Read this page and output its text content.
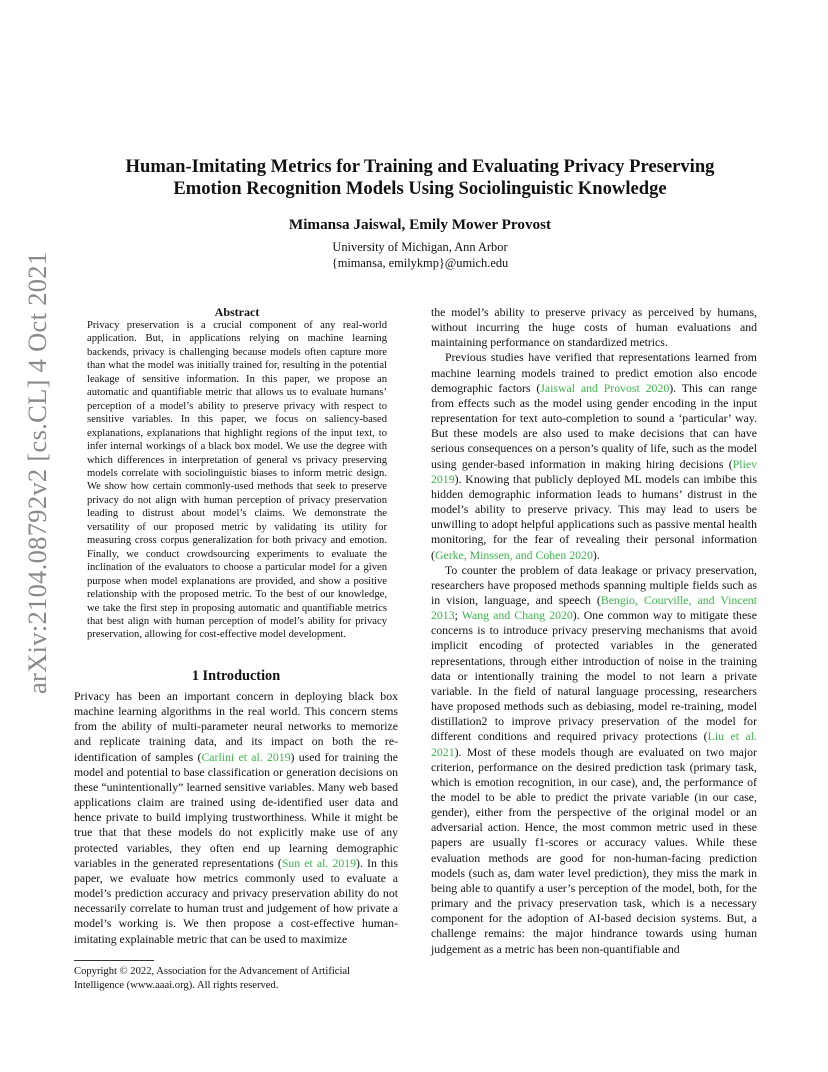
arXiv:2104.08792v2 [cs.CL] 4 Oct 2021
Human-Imitating Metrics for Training and Evaluating Privacy Preserving
Emotion Recognition Models Using Sociolinguistic Knowledge
Mimansa Jaiswal, Emily Mower Provost
University of Michigan, Ann Arbor
{mimansa, emilykmp}@umich.edu
Abstract

Privacy preservation is a crucial component of any real-world application. But, in applications relying on machine learning backends, privacy is challenging because models often capture more than what the model was initially trained for, resulting in the potential leakage of sensitive information. In this paper, we propose an automatic and quantifiable metric that allows us to evaluate humans’ perception of a model’s ability to preserve privacy with respect to sensitive variables. In this paper, we focus on saliency-based explanations, explanations that highlight regions of the input text, to infer internal workings of a black box model. We use the degree with which differences in interpretation of general vs privacy preserving models correlate with sociolinguistic biases to inform metric design. We show how certain commonly-used methods that seek to preserve privacy do not align with human perception of privacy preservation leading to distrust about model’s claims. We demonstrate the versatility of our proposed metric by validating its utility for measuring cross corpus generalization for both privacy and emotion. Finally, we conduct crowdsourcing experiments to evaluate the inclination of the evaluators to choose a particular model for a given purpose when model explanations are provided, and show a positive relationship with the proposed metric. To the best of our knowledge, we take the first step in proposing automatic and quantifiable metrics that best align with human perception of model’s ability for privacy preservation, allowing for cost-effective model development.

1 Introduction

Privacy has been an important concern in deploying black box machine learning algorithms in the real world. This concern stems from the ability of multi-parameter neural networks to memorize and replicate training data, and its impact on both the re-identification of samples (Carlini et al. 2019) used for training the model and potential to base classification or generation decisions on these “unintentionally” learned sensitive variables. Many web based applications claim are trained using de-identified user data and hence private to build implying trustworthiness. While it might be true that that these models do not explicitly make use of any protected variables, they often end up learning demographic variables in the generated representations (Sun et al. 2019). In this paper, we evaluate how metrics commonly used to evaluate a model’s prediction accuracy and privacy preservation ability do not necessarily correlate to human trust and judgement of how private a model’s working is. We then propose a cost-effective human-imitating explainable metric that can be used to maximize

the model’s ability to preserve privacy as perceived by humans, without incurring the huge costs of human evaluations and maintaining performance on standardized metrics.

Previous studies have verified that representations learned from machine learning models trained to predict emotion also encode demographic factors (Jaiswal and Provost 2020). This can range from effects such as the model using gender encoding in the input representation for text auto-completion to sound a ‘particular’ way. But these models are also used to make decisions that can have serious consequences on a person’s quality of life, such as the model using gender-based information in making hiring decisions (Pliev 2019). Knowing that publicly deployed ML models can imbibe this hidden demographic information leads to humans’ distrust in the model’s ability to preserve privacy. This may lead to users be unwilling to adopt helpful applications such as passive mental health monitoring, for the fear of revealing their personal information (Gerke, Minssen, and Cohen 2020).

To counter the problem of data leakage or privacy preservation, researchers have proposed methods spanning multiple fields such as in vision, language, and speech (Bengio, Courville, and Vincent 2013; Wang and Chang 2020). One common way to mitigate these concerns is to introduce privacy preserving mechanisms that avoid implicit encoding of protected variables in the generated representations, through either introduction of noise in the training data or intentionally training the model to not learn a private variable. In the field of natural language processing, researchers have proposed methods such as debiasing, model re-training, model distillation2 to improve privacy preservation of the model for different conditions and required privacy protections (Liu et al. 2021). Most of these models though are evaluated on two major criterion, performance on the desired prediction task (primary task, which is emotion recognition, in our case), and, the performance of the model to be able to predict the private variable (in our case, gender), either from the perspective of the original model or an adversarial action. Hence, the most common metric used in these papers are usually f1-scores or accuracy values. While these evaluation methods are good for non-human-facing prediction models (such as, dam water level prediction), they miss the mark in being able to quantify a user’s perception of the model, both, for the primary and the privacy preservation task, which is a necessary component for the adoption of AI-based decision systems. But, a challenge remains: the major hindrance towards using human judgement as a metric has been non-quantifiable and

Copyright © 2022, Association for the Advancement of Artificial Intelligence (www.aaai.org). All rights reserved.
